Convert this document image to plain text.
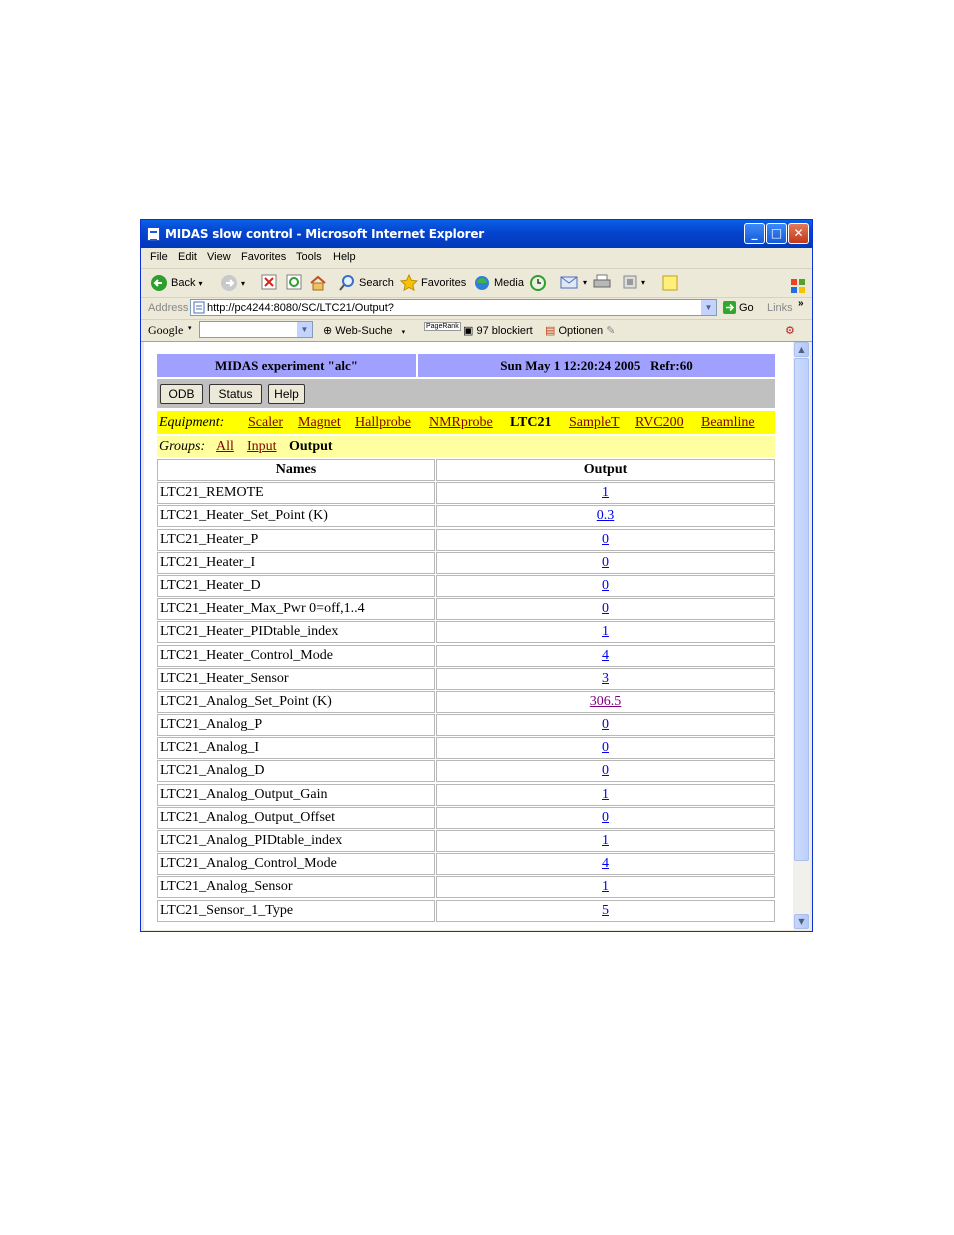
MIDAS slow control - Microsoft Internet Explorer	_	□ ✕
File Edit View Favorites Tools Help
Back ▾	▾	Search Favorites	Media	▾	▾
Address http://pc4244:8080/SC/LTC21/Output?	▼	Go Links »
Google ▾	▼	⊕ Web-Suche ▾
PageRank ▣ 97 blockiert ▤ Optionen ✎	⚙
MIDAS experiment "alc"	Sun May 1 12:20:24 2005   Refr:60
ODB	Status	Help
Equipment: Scaler Magnet Hallprobe NMRprobe LTC21 SampleT RVC200 Beamline
Groups: All Input Output
Names	Output
LTC21_REMOTE	1
LTC21_Heater_Set_Point (K)	0.3
LTC21_Heater_P	0
LTC21_Heater_I	0
LTC21_Heater_D	0
LTC21_Heater_Max_Pwr 0=off,1..4	0
LTC21_Heater_PIDtable_index	1
LTC21_Heater_Control_Mode	4
LTC21_Heater_Sensor	3
LTC21_Analog_Set_Point (K)	306.5
LTC21_Analog_P	0
LTC21_Analog_I	0
LTC21_Analog_D	0
LTC21_Analog_Output_Gain	1
LTC21_Analog_Output_Offset	0
LTC21_Analog_PIDtable_index	1
LTC21_Analog_Control_Mode	4
LTC21_Analog_Sensor	1
LTC21_Sensor_1_Type	5
▲
▼
